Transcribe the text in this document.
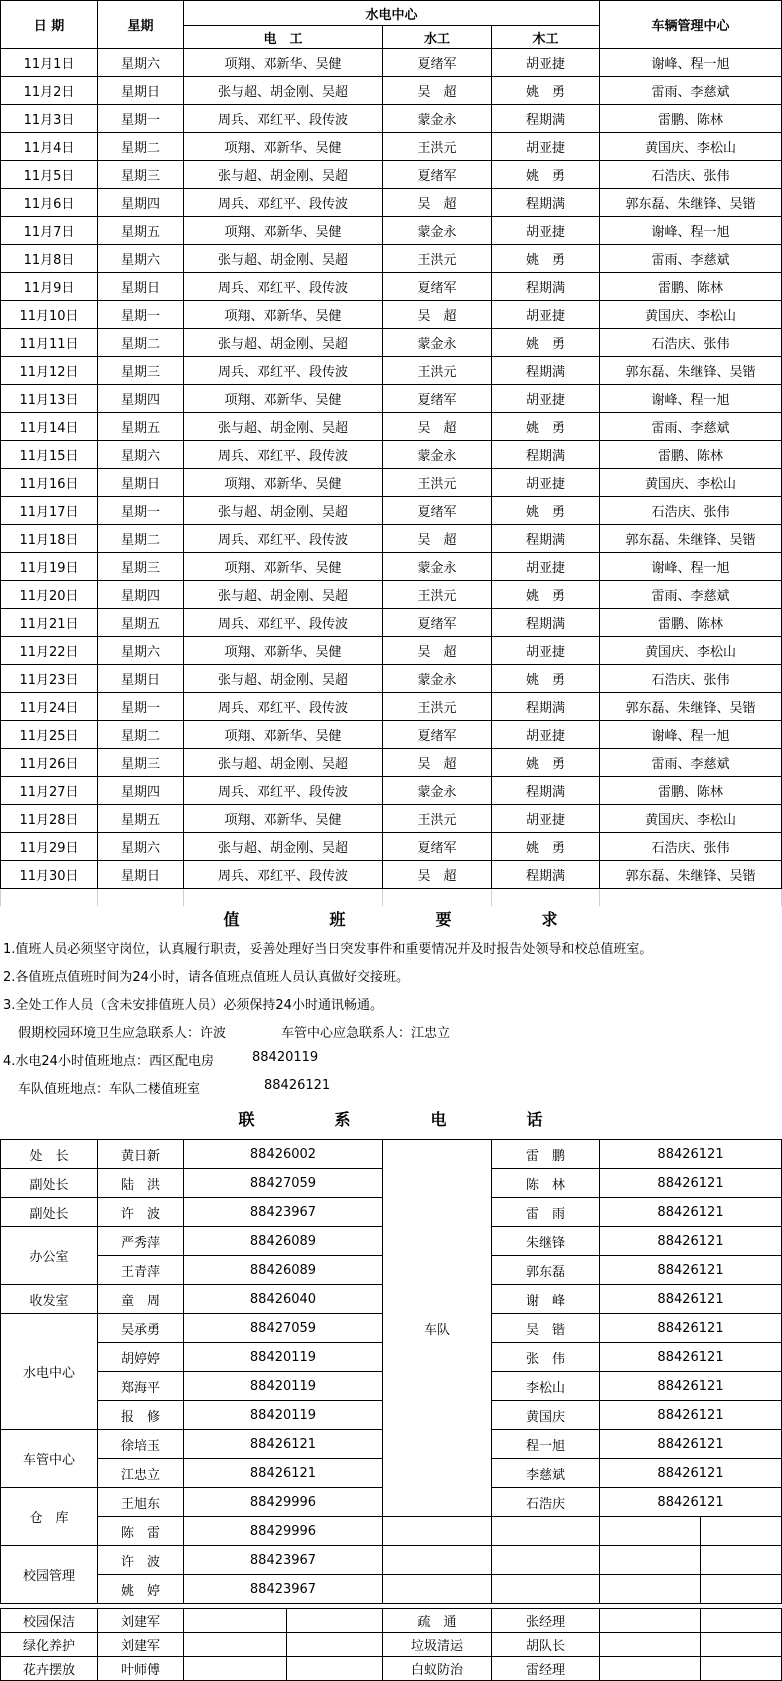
日 期	星期	水电中心			车辆管理中心
		电　工	水工	木工	
11月1日	星期六	项翔、邓新华、吴健	夏绪军	胡亚捷	谢峰、程一旭
11月2日	星期日	张与超、胡金刚、吴超	吴　超	姚　勇	雷雨、李慈斌
11月3日	星期一	周兵、邓红平、段传波	蒙金永	程期满	雷鹏、陈林
11月4日	星期二	项翔、邓新华、吴健	王洪元	胡亚捷	黄国庆、李松山
11月5日	星期三	张与超、胡金刚、吴超	夏绪军	姚　勇	石浩庆、张伟
11月6日	星期四	周兵、邓红平、段传波	吴　超	程期满	郭东磊、朱继锋、吴锴
11月7日	星期五	项翔、邓新华、吴健	蒙金永	胡亚捷	谢峰、程一旭
11月8日	星期六	张与超、胡金刚、吴超	王洪元	姚　勇	雷雨、李慈斌
11月9日	星期日	周兵、邓红平、段传波	夏绪军	程期满	雷鹏、陈林
11月10日	星期一	项翔、邓新华、吴健	吴　超	胡亚捷	黄国庆、李松山
11月11日	星期二	张与超、胡金刚、吴超	蒙金永	姚　勇	石浩庆、张伟
11月12日	星期三	周兵、邓红平、段传波	王洪元	程期满	郭东磊、朱继锋、吴锴
11月13日	星期四	项翔、邓新华、吴健	夏绪军	胡亚捷	谢峰、程一旭
11月14日	星期五	张与超、胡金刚、吴超	吴　超	姚　勇	雷雨、李慈斌
11月15日	星期六	周兵、邓红平、段传波	蒙金永	程期满	雷鹏、陈林
11月16日	星期日	项翔、邓新华、吴健	王洪元	胡亚捷	黄国庆、李松山
11月17日	星期一	张与超、胡金刚、吴超	夏绪军	姚　勇	石浩庆、张伟
11月18日	星期二	周兵、邓红平、段传波	吴　超	程期满	郭东磊、朱继锋、吴锴
11月19日	星期三	项翔、邓新华、吴健	蒙金永	胡亚捷	谢峰、程一旭
11月20日	星期四	张与超、胡金刚、吴超	王洪元	姚　勇	雷雨、李慈斌
11月21日	星期五	周兵、邓红平、段传波	夏绪军	程期满	雷鹏、陈林
11月22日	星期六	项翔、邓新华、吴健	吴　超	胡亚捷	黄国庆、李松山
11月23日	星期日	张与超、胡金刚、吴超	蒙金永	姚　勇	石浩庆、张伟
11月24日	星期一	周兵、邓红平、段传波	王洪元	程期满	郭东磊、朱继锋、吴锴
11月25日	星期二	项翔、邓新华、吴健	夏绪军	胡亚捷	谢峰、程一旭
11月26日	星期三	张与超、胡金刚、吴超	吴　超	姚　勇	雷雨、李慈斌
11月27日	星期四	周兵、邓红平、段传波	蒙金永	程期满	雷鹏、陈林
11月28日	星期五	项翔、邓新华、吴健	王洪元	胡亚捷	黄国庆、李松山
11月29日	星期六	张与超、胡金刚、吴超	夏绪军	姚　勇	石浩庆、张伟
11月30日	星期日	周兵、邓红平、段传波	吴　超	程期满	郭东磊、朱继锋、吴锴

值	班	要	求
1.值班人员必须坚守岗位，认真履行职责，妥善处理好当日突发事件和重要情况并及时报告处领导和校总值班室。
2.各值班点值班时间为24小时，请各值班点值班人员认真做好交接班。
3.全处工作人员（含未安排值班人员）必须保持24小时通讯畅通。
假期校园环境卫生应急联系人：许波	车管中心应急联系人：江忠立
4.水电24小时值班地点：西区配电房	88420119
车队值班地点：车队二楼值班室	88426121
联	系	电	话
处　长	黄日新	88426002	车队	雷　鹏	88426121	
副处长	陆　洪	88427059		陈　林	88426121	
副处长	许　波	88423967		雷　雨	88426121	
办公室	严秀萍	88426089		朱继锋	88426121	
	王青萍	88426089		郭东磊	88426121	
收发室	童　周	88426040		谢　峰	88426121	
水电中心	吴承勇	88427059		吴　锴	88426121	
	胡婷婷	88420119		张　伟	88426121	
	郑海平	88420119		李松山	88426121	
	报　修	88420119		黄国庆	88426121	
车管中心	徐培玉	88426121		程一旭	88426121	
	江忠立	88426121		李慈斌	88426121	
仓　库	王旭东	88429996		石浩庆	88426121	
	陈　雷	88429996				
校园管理	许　波	88423967				
	姚　婷	88423967				
校园保洁	刘建军			疏　通	张经理		
绿化养护	刘建军			垃圾清运	胡队长		
花卉摆放	叶师傅			白蚁防治	雷经理		
